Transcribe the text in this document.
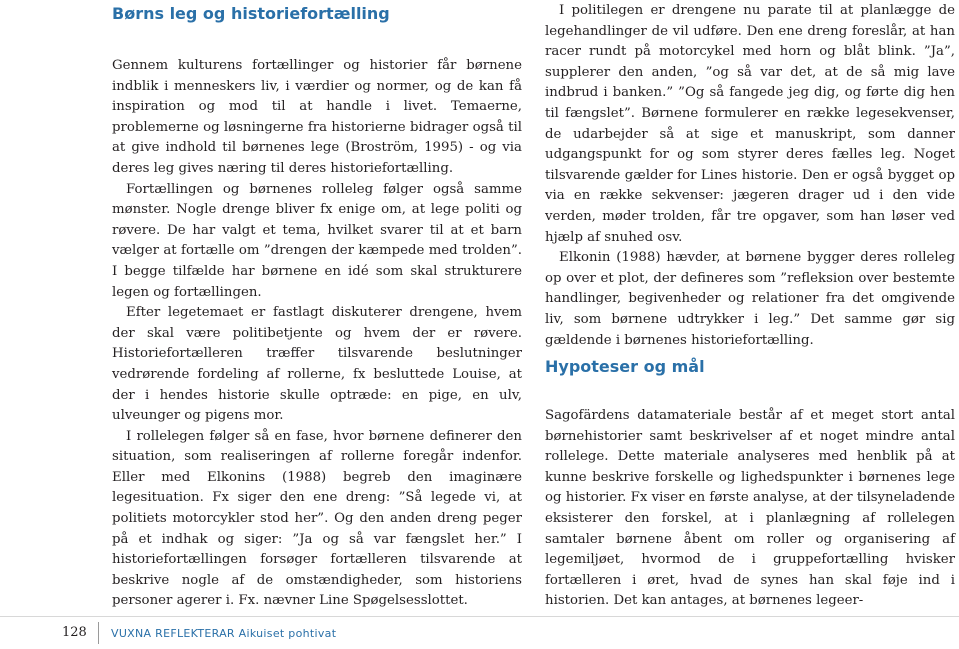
Børns leg og historiefortælling

Gennem kulturens fortællinger og historier får børnene indblik i menneskers liv, i værdier og normer, og de kan få inspiration og mod til at handle i livet. Temaerne, problemerne og løsningerne fra historierne bidrager også til at give indhold til børnenes lege (Broström, 1995) - og via deres leg gives næring til deres historiefortælling.

Fortællingen og børnenes rolleleg følger også samme mønster. Nogle drenge bliver fx enige om, at lege politi og røvere. De har valgt et tema, hvilket svarer til at et barn vælger at fortælle om ”drengen der kæmpede med trolden”. I begge tilfælde har børnene en idé som skal strukturere legen og fortællingen.

Efter legetemaet er fastlagt diskuterer drengene, hvem der skal være politibetjente og hvem der er røvere. Historiefortælleren træffer tilsvarende beslutninger vedrørende fordeling af rollerne, fx besluttede Louise, at der i hendes historie skulle optræde: en pige, en ulv, ulveunger og pigens mor.

I rollelegen følger så en fase, hvor børnene definerer den situation, som realiseringen af rollerne foregår indenfor. Eller med Elkonins (1988) begreb den imaginære legesituation. Fx siger den ene dreng: ”Så legede vi, at politiets motorcykler stod her”. Og den anden dreng peger på et indhak og siger: ”Ja og så var fængslet her.” I historiefortællingen forsøger fortælleren tilsvarende at beskrive nogle af de omstændigheder, som historiens personer agerer i. Fx. nævner Line Spøgelsesslottet.

I politilegen er drengene nu parate til at planlægge de legehandlinger de vil udføre. Den ene dreng foreslår, at han racer rundt på motorcykel med horn og blåt blink. ”Ja”, supplerer den anden, ”og så var det, at de så mig lave indbrud i banken.” ”Og så fangede jeg dig, og førte dig hen til fængslet”. Børnene formulerer en række legesekvenser, de udarbejder så at sige et manuskript, som danner udgangspunkt for og som styrer deres fælles leg. Noget tilsvarende gælder for Lines historie. Den er også bygget op via en række sekvenser: jægeren drager ud i den vide verden, møder trolden, får tre opgaver, som han løser ved hjælp af snuhed osv.

Elkonin (1988) hævder, at børnene bygger deres rolleleg op over et plot, der defineres som ”refleksion over bestemte handlinger, begivenheder og relationer fra det omgivende liv, som børnene udtrykker i leg.” Det samme gør sig gældende i børnenes historiefortælling.

Hypoteser og mål

Sagofärdens datamateriale består af et meget stort antal børnehistorier samt beskrivelser af et noget mindre antal rollelege. Dette materiale analyseres med henblik på at kunne beskrive forskelle og lighedspunkter i børnenes lege og historier. Fx viser en første analyse, at der tilsyneladende eksisterer den forskel, at i planlægning af rollelegen samtaler børnene åbent om roller og organisering af legemiljøet, hvormod de i gruppefortælling hvisker fortælleren i øret, hvad de synes han skal føje ind i historien. Det kan antages, at børnenes legeer-

128 VUXNA REFLEKTERAR Aikuiset pohtivat
